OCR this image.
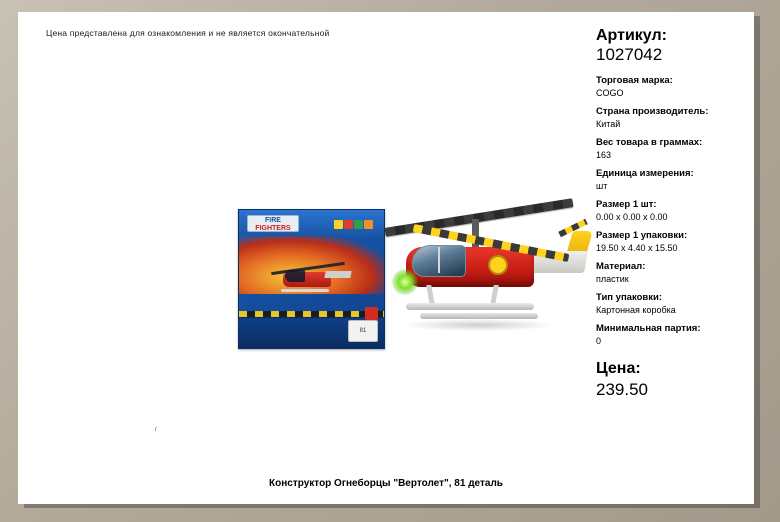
Цена представлена для ознакомления и не является окончательной
FIRE
FIGHTERS
81
Артикул:
1027042
Торговая марка:
COGO
Страна производитель:
Китай
Вес товара в граммах:
163
Единица измерения:
шт
Размер 1 шт:
0.00 x 0.00 x 0.00
Размер 1 упаковки:
19.50 x 4.40 x 15.50
Материал:
пластик
Тип упаковки:
Картонная коробка
Минимальная партия:
0
Цена:
239.50
г
Конструктор Огнеборцы "Вертолет", 81 деталь
